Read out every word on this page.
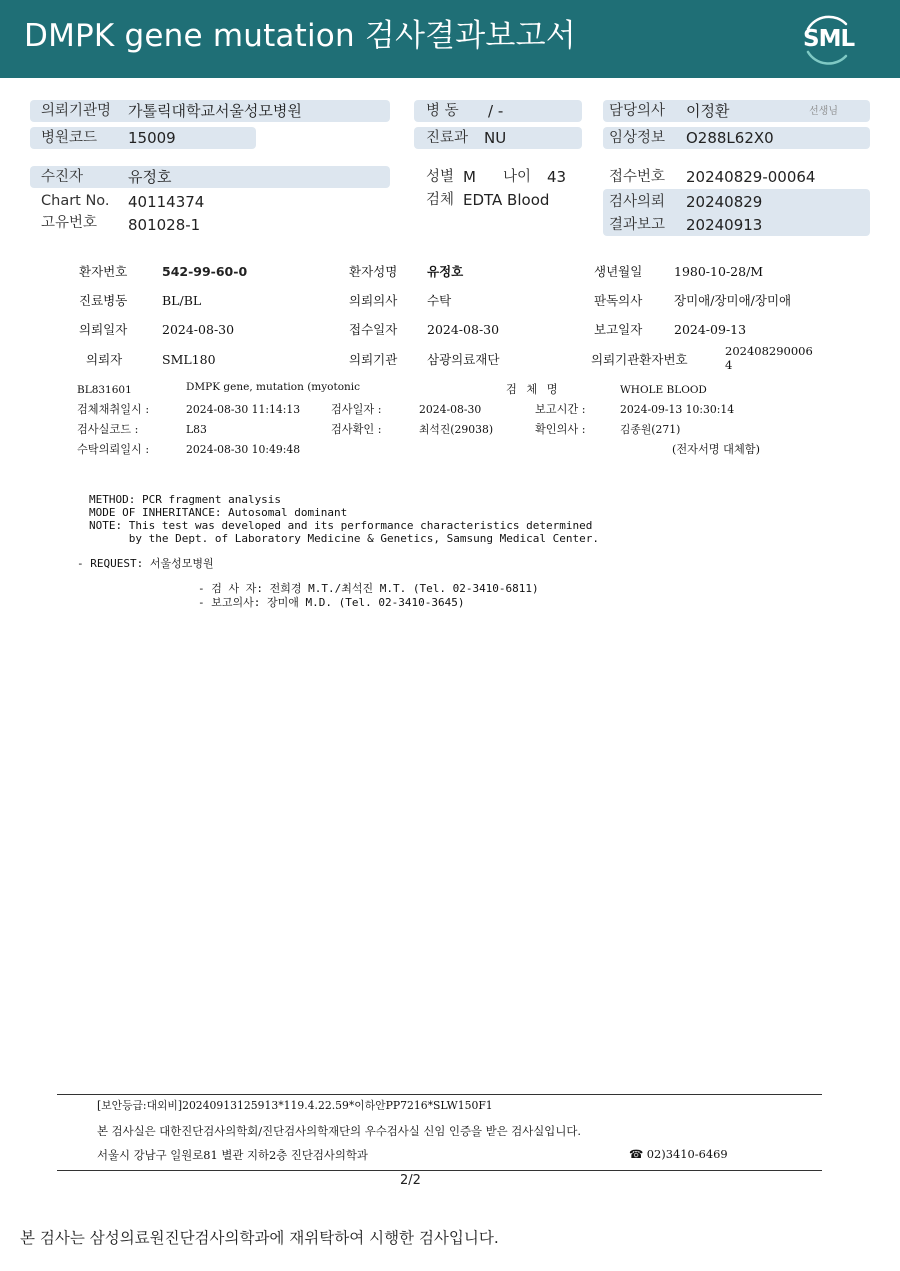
DMPK gene mutation 검사결과보고서	SML
의뢰기관명 가톨릭대학교서울성모병원
병원코드 15009
병 동 / -
진료과 NU
담당의사 이정환	선생님
임상정보 O288L62X0
수진자	유정호
Chart No. 40114374
고유번호 801028-1
성별 M 나이 43
검체 EDTA Blood
접수번호 20240829-00064
검사의뢰 20240829
결과보고 20240913
환자번호	542-99-60-0	환자성명 유정호	생년월일	1980-10-28/M
진료병동	BL/BL	의뢰의사 수탁	판독의사	장미애/장미애/장미애
의뢰일자	2024-08-30	접수일자 2024-08-30	보고일자	2024-09-13
의뢰자	SML180	의뢰기관 삼광의료재단	의뢰기관환자번호
202408290006
4
BL831601	DMPK gene, mutation (myotonic	검 체 명	WHOLE BLOOD
검체채취일시 :	2024-08-30 11:14:13	검사일자 :	2024-08-30	보고시간 :	2024-09-13 10:30:14
검사실코드 :	L83	검사확인 :	최석진(29038)	확인의사 :	김종원(271)
수탁의뢰일시 :	2024-08-30 10:49:48	(전자서명 대체함)
METHOD: PCR fragment analysis
MODE OF INHERITANCE: Autosomal dominant
NOTE: This test was developed and its performance characteristics determined
by the Dept. of Laboratory Medicine & Genetics, Samsung Medical Center.
- REQUEST: 서울성모병원
- 검 사 자: 전희경 M.T./최석진 M.T. (Tel. 02-3410-6811)
- 보고의사: 장미애 M.D. (Tel. 02-3410-3645)
[보안등급:대외비]20240913125913*119.4.22.59*이하안PP7216*SLW150F1
본 검사실은 대한진단검사의학회/진단검사의학재단의 우수검사실 신임 인증을 받은 검사실입니다.
서울시 강남구 일원로81 별관 지하2층 진단검사의학과	☎ 02)3410-6469
2/2
본 검사는 삼성의료원진단검사의학과에 재위탁하여 시행한 검사입니다.
